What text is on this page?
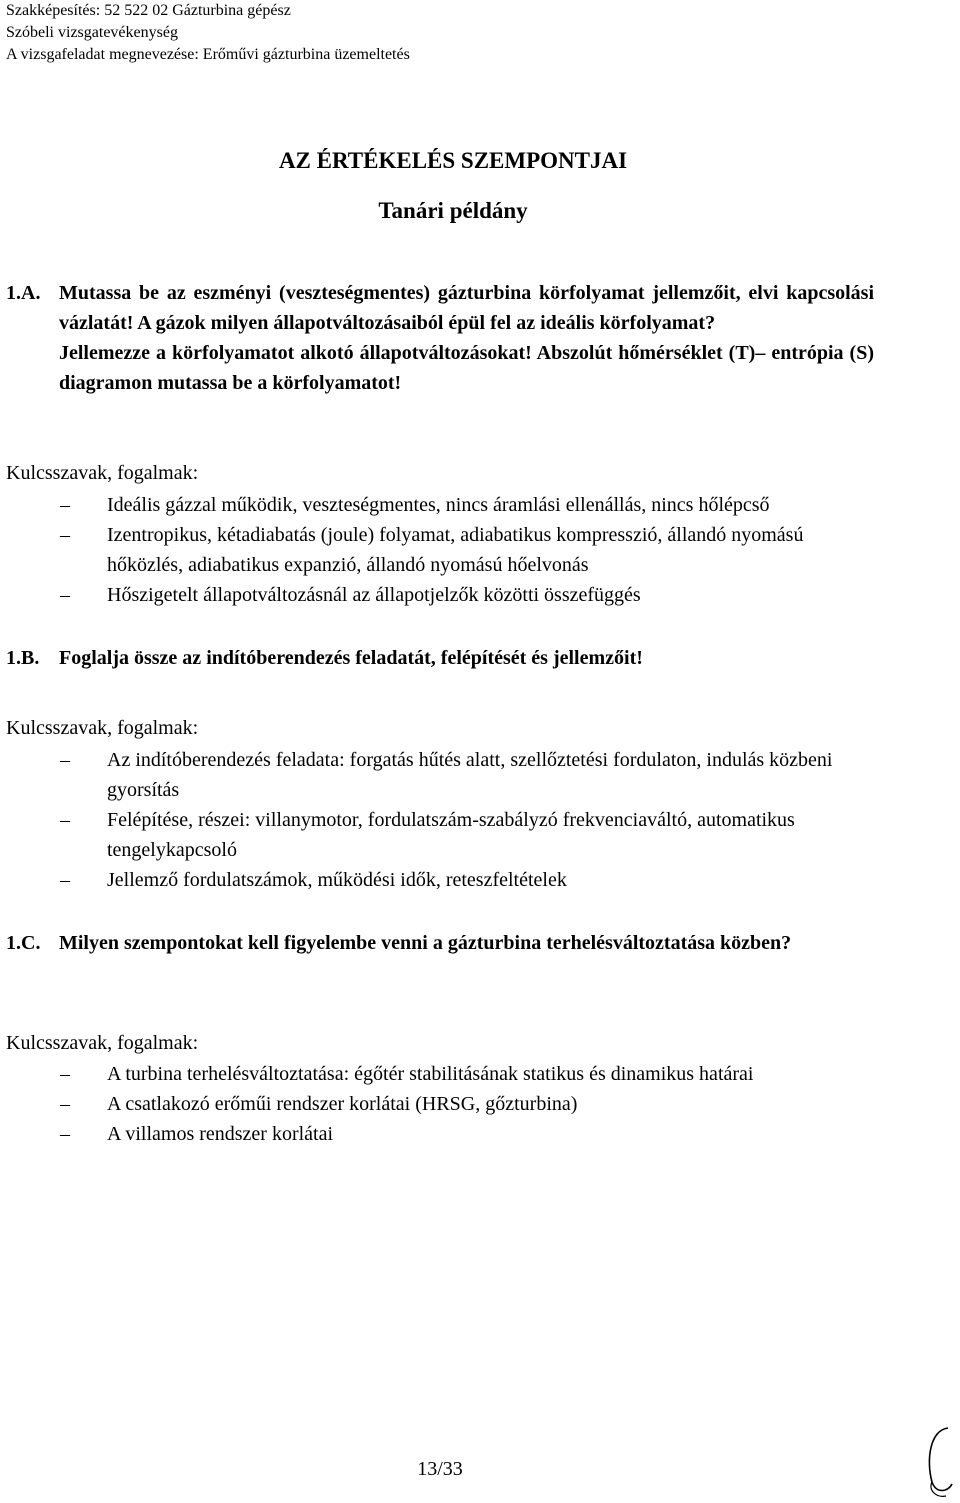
Szakképesítés: 52 522 02 Gázturbina gépész
Szóbeli vizsgatevékenység
A vizsgafeladat megnevezése: Erőművi gázturbina üzemeltetés
AZ ÉRTÉKELÉS SZEMPONTJAI
Tanári példány
1.A. Mutassa be az eszményi (veszteségmentes) gázturbina körfolyamat jellemzőit, elvi kapcsolási vázlatát! A gázok milyen állapotváltozásaiból épül fel az ideális körfolyamat?
Jellemezze a körfolyamatot alkotó állapotváltozásokat! Abszolút hőmérséklet (T)– entrópia (S) diagramon mutassa be a körfolyamatot!
Kulcsszavak, fogalmak:
–	Ideális gázzal működik, veszteségmentes, nincs áramlási ellenállás, nincs hőlépcső
–	Izentropikus, kétadiabatás (joule) folyamat, adiabatikus kompresszió, állandó nyomású hőközlés, adiabatikus expanzió, állandó nyomású hőelvonás
–	Hőszigetelt állapotváltozásnál az állapotjelzők közötti összefüggés
1.B. Foglalja össze az indítóberendezés feladatát, felépítését és jellemzőit!
Kulcsszavak, fogalmak:
–	Az indítóberendezés feladata: forgatás hűtés alatt, szellőztetési fordulaton, indulás közbeni gyorsítás
–	Felépítése, részei: villanymotor, fordulatszám-szabályzó frekvenciaváltó, automatikus tengelykapcsoló
–	Jellemző fordulatszámok, működési idők, reteszfeltételek
1.C. Milyen szempontokat kell figyelembe venni a gázturbina terhelésváltoztatása közben?
Kulcsszavak, fogalmak:
–	A turbina terhelésváltoztatása: égőtér stabilitásának statikus és dinamikus határai
–	A csatlakozó erőműi rendszer korlátai (HRSG, gőzturbina)
–	A villamos rendszer korlátai
13/33
